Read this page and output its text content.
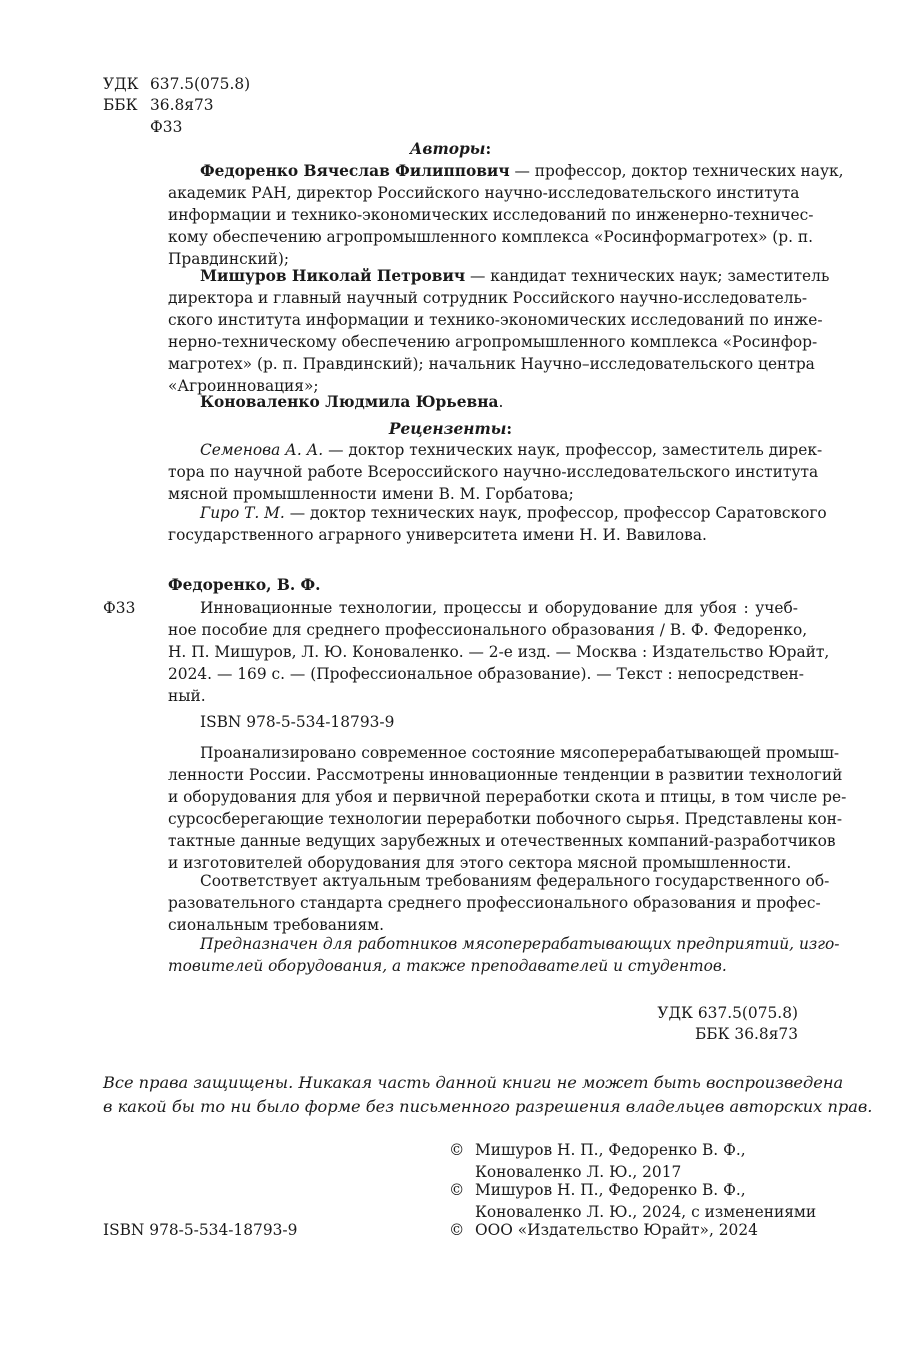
УДК 637.5(075.8)
ББК 36.8я73
Ф33
Авторы:
Федоренко Вячеслав Филиппович — профессор, доктор технических наук,
академик РАН, директор Российского научно-исследовательского института
информации и технико-экономических исследований по инженерно-техничес-
кому обеспечению агропромышленного комплекса «Росинформагротех» (р. п.
Правдинский);
Мишуров Николай Петрович — кандидат технических наук; заместитель
директора и главный научный сотрудник Российского научно-исследователь-
ского института информации и технико-экономических исследований по инже-
нерно-техническому обеспечению агропромышленного комплекса «Росинфор-
магротех» (р. п. Правдинский); начальник Научно–исследовательского центра
«Агроинновация»;
Коноваленко Людмила Юрьевна.
Рецензенты:
Семенова А. А. — доктор технических наук, профессор, заместитель дирек-
тора по научной работе Всероссийского научно-исследовательского института
мясной промышленности имени В. М. Горбатова;
Гиро Т. М. — доктор технических наук, профессор, профессор Саратовского
государственного аграрного университета имени Н. И. Вавилова.
Федоренко, В. Ф.
Ф33	Инновационные технологии, процессы и оборудование для убоя : учеб-
ное пособие для среднего профессионального образования / В. Ф. Федоренко,
Н. П. Мишуров, Л. Ю. Коноваленко. — 2-е изд. — Москва : Издательство Юрайт,
2024. — 169 с. — (Профессиональное образование). — Текст : непосредствен-
ный.
ISBN 978-5-534-18793-9
Проанализировано современное состояние мясоперерабатывающей промыш-
ленности России. Рассмотрены инновационные тенденции в развитии технологий
и оборудования для убоя и первичной переработки скота и птицы, в том числе ре-
сурсосберегающие технологии переработки побочного сырья. Представлены кон-
тактные данные ведущих зарубежных и отечественных компаний-разработчиков
и изготовителей оборудования для этого сектора мясной промышленности.
Соответствует актуальным требованиям федерального государственного об-
разовательного стандарта среднего профессионального образования и профес-
сиональным требованиям.
Предназначен для работников мясоперерабатывающих предприятий, изго-
товителей оборудования, а также преподавателей и студентов.
УДК 637.5(075.8)
ББК 36.8я73
Все права защищены. Никакая часть данной книги не может быть воспроизведена
в какой бы то ни было форме без письменного разрешения владельцев авторских прав.
ISBN 978-5-534-18793-9
© Мишуров Н. П., Федоренко В. Ф.,
Коноваленко Л. Ю., 2017
© Мишуров Н. П., Федоренко В. Ф.,
Коноваленко Л. Ю., 2024, с изменениями
© ООО «Издательство Юрайт», 2024
